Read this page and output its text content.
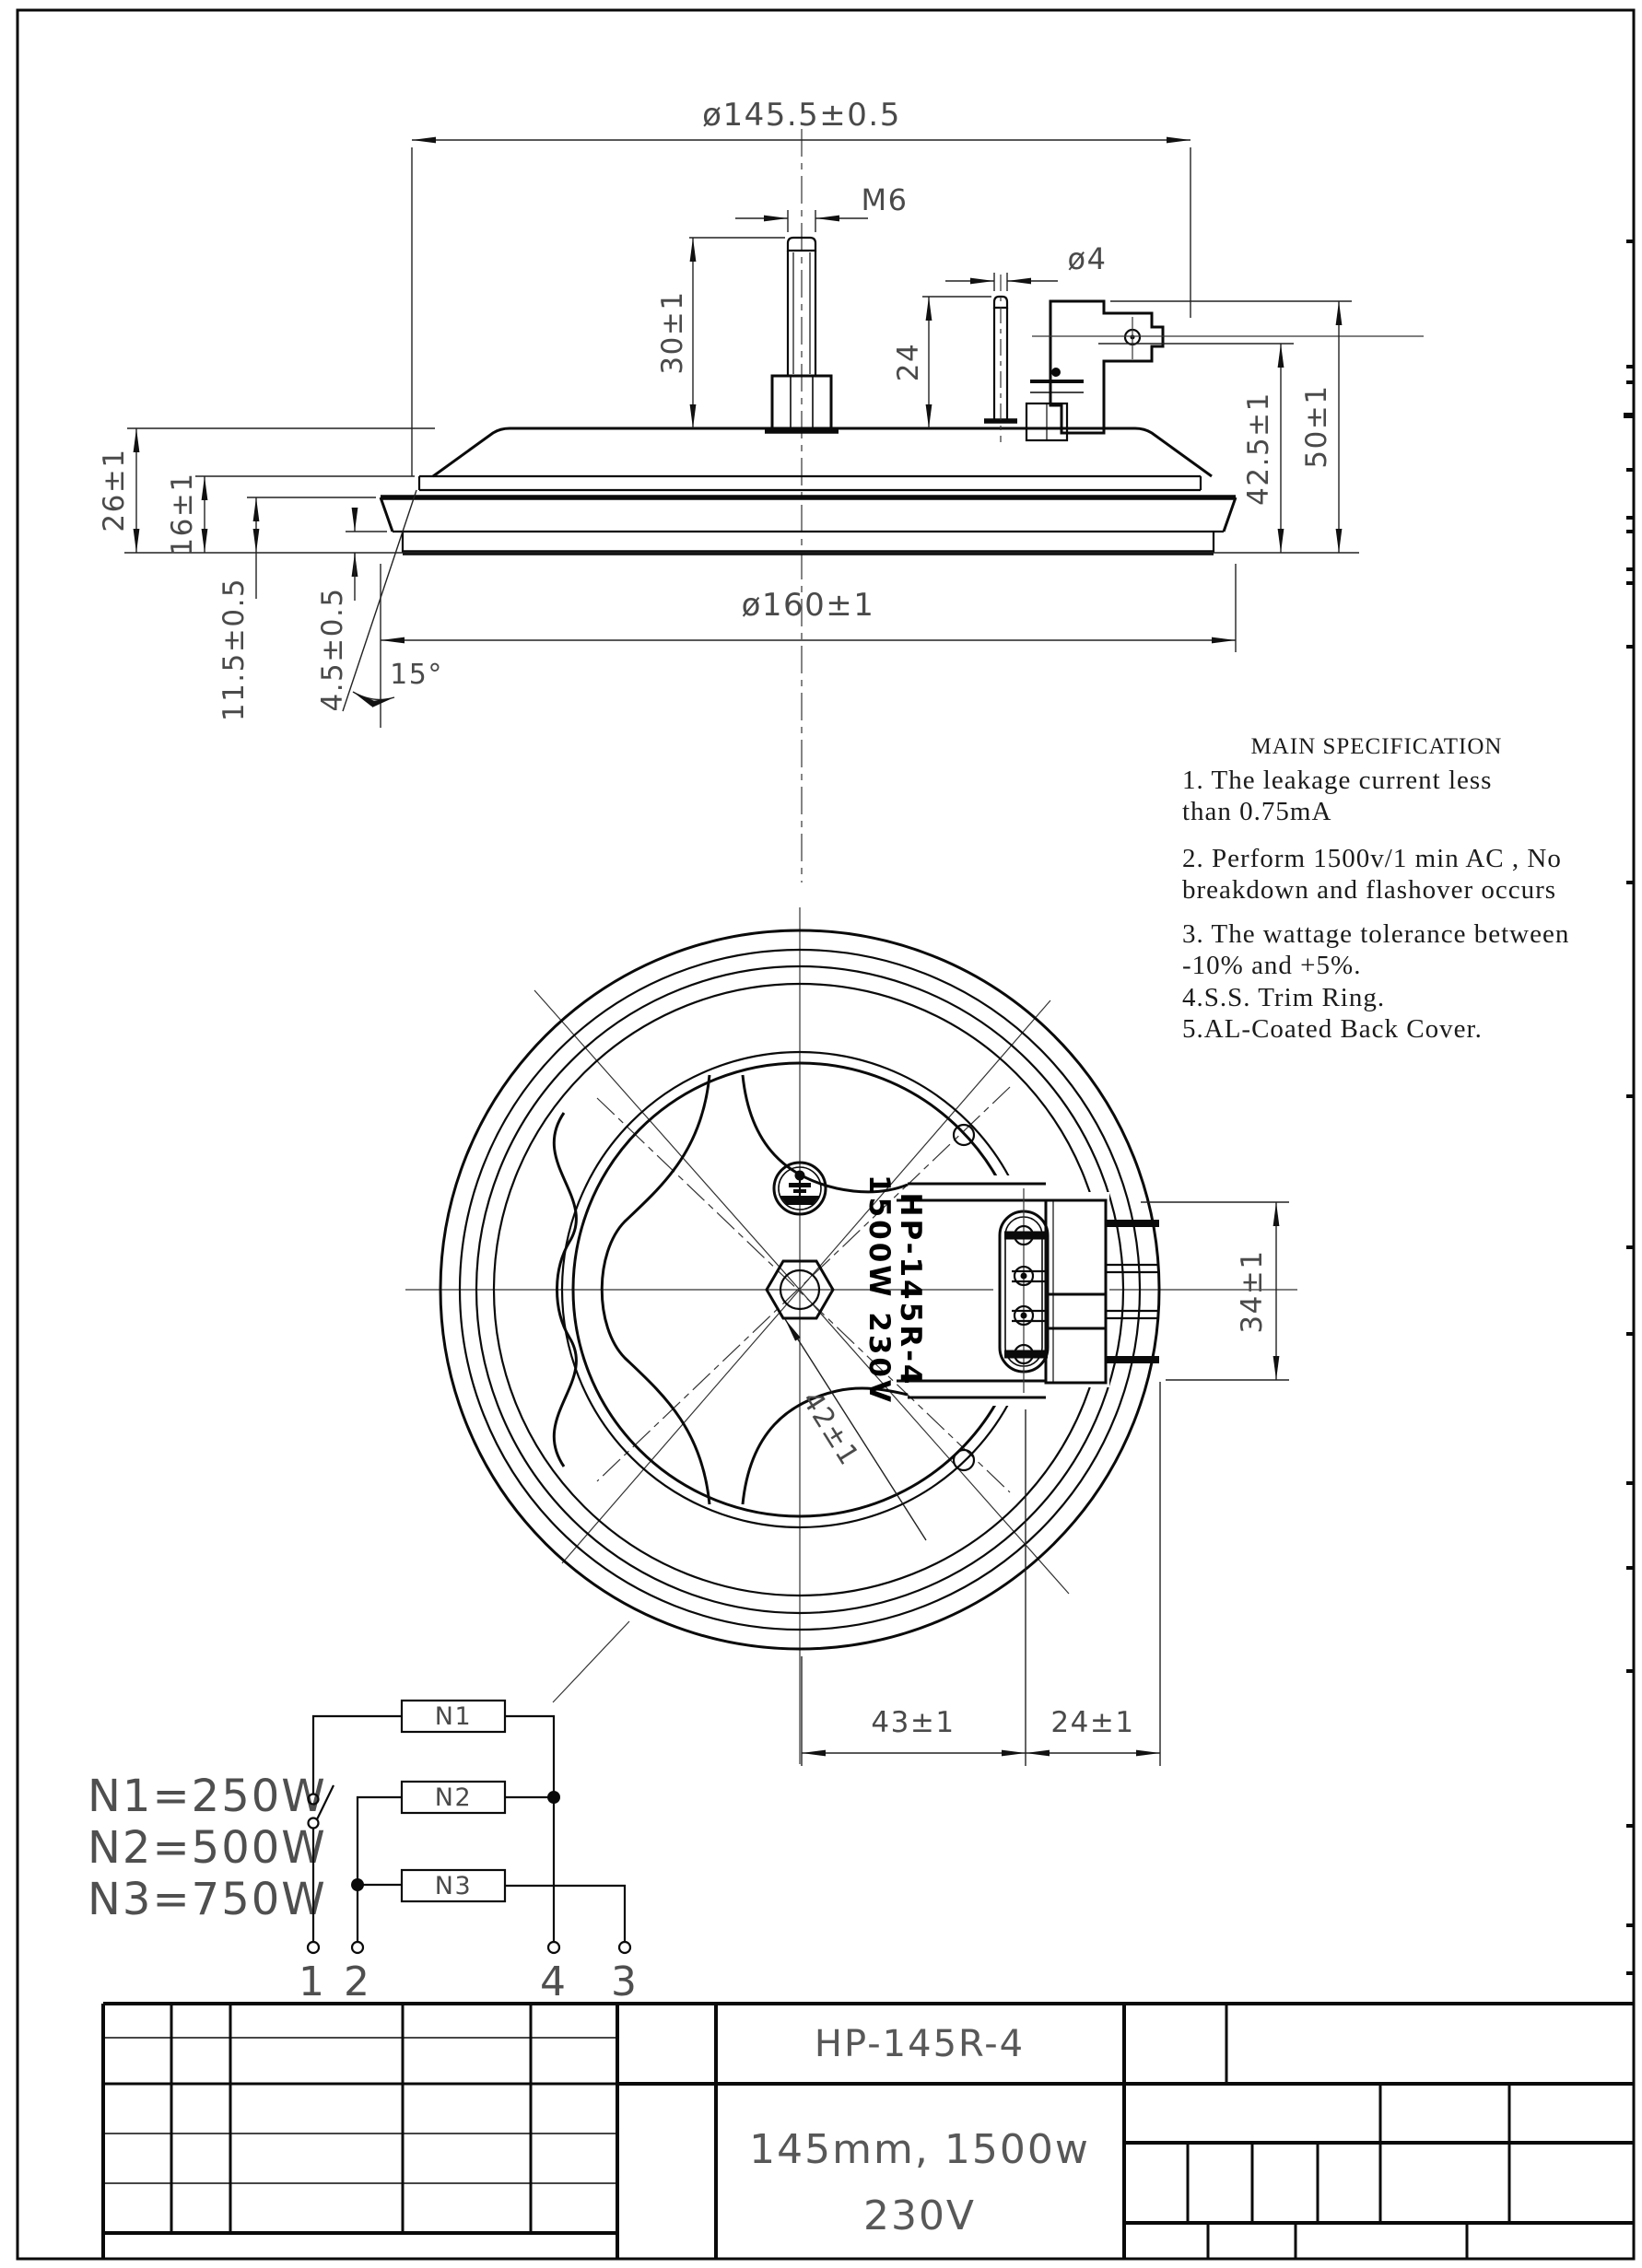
ø145.5±0.5
M6
ø4
30±1	24
26±1 16±1
11.5±0.5 4.5±0.5	ø160±1
15°
42.5±1 50±1
HP-145R-4
1500W 230V
42±1
34±1
43±1	24±1
MAIN SPECIFICATION
1. The leakage current less
than 0.75mA
2. Perform 1500v/1 min AC , No
breakdown and flashover occurs
3. The wattage tolerance between
-10% and +5%.
4.S.S. Trim Ring.
5.AL-Coated Back Cover.
N1=250W
N2=500W
N3=750W
N1
N2
N3
1 2	4 3
HP-145R-4
145mm, 1500w
230V
